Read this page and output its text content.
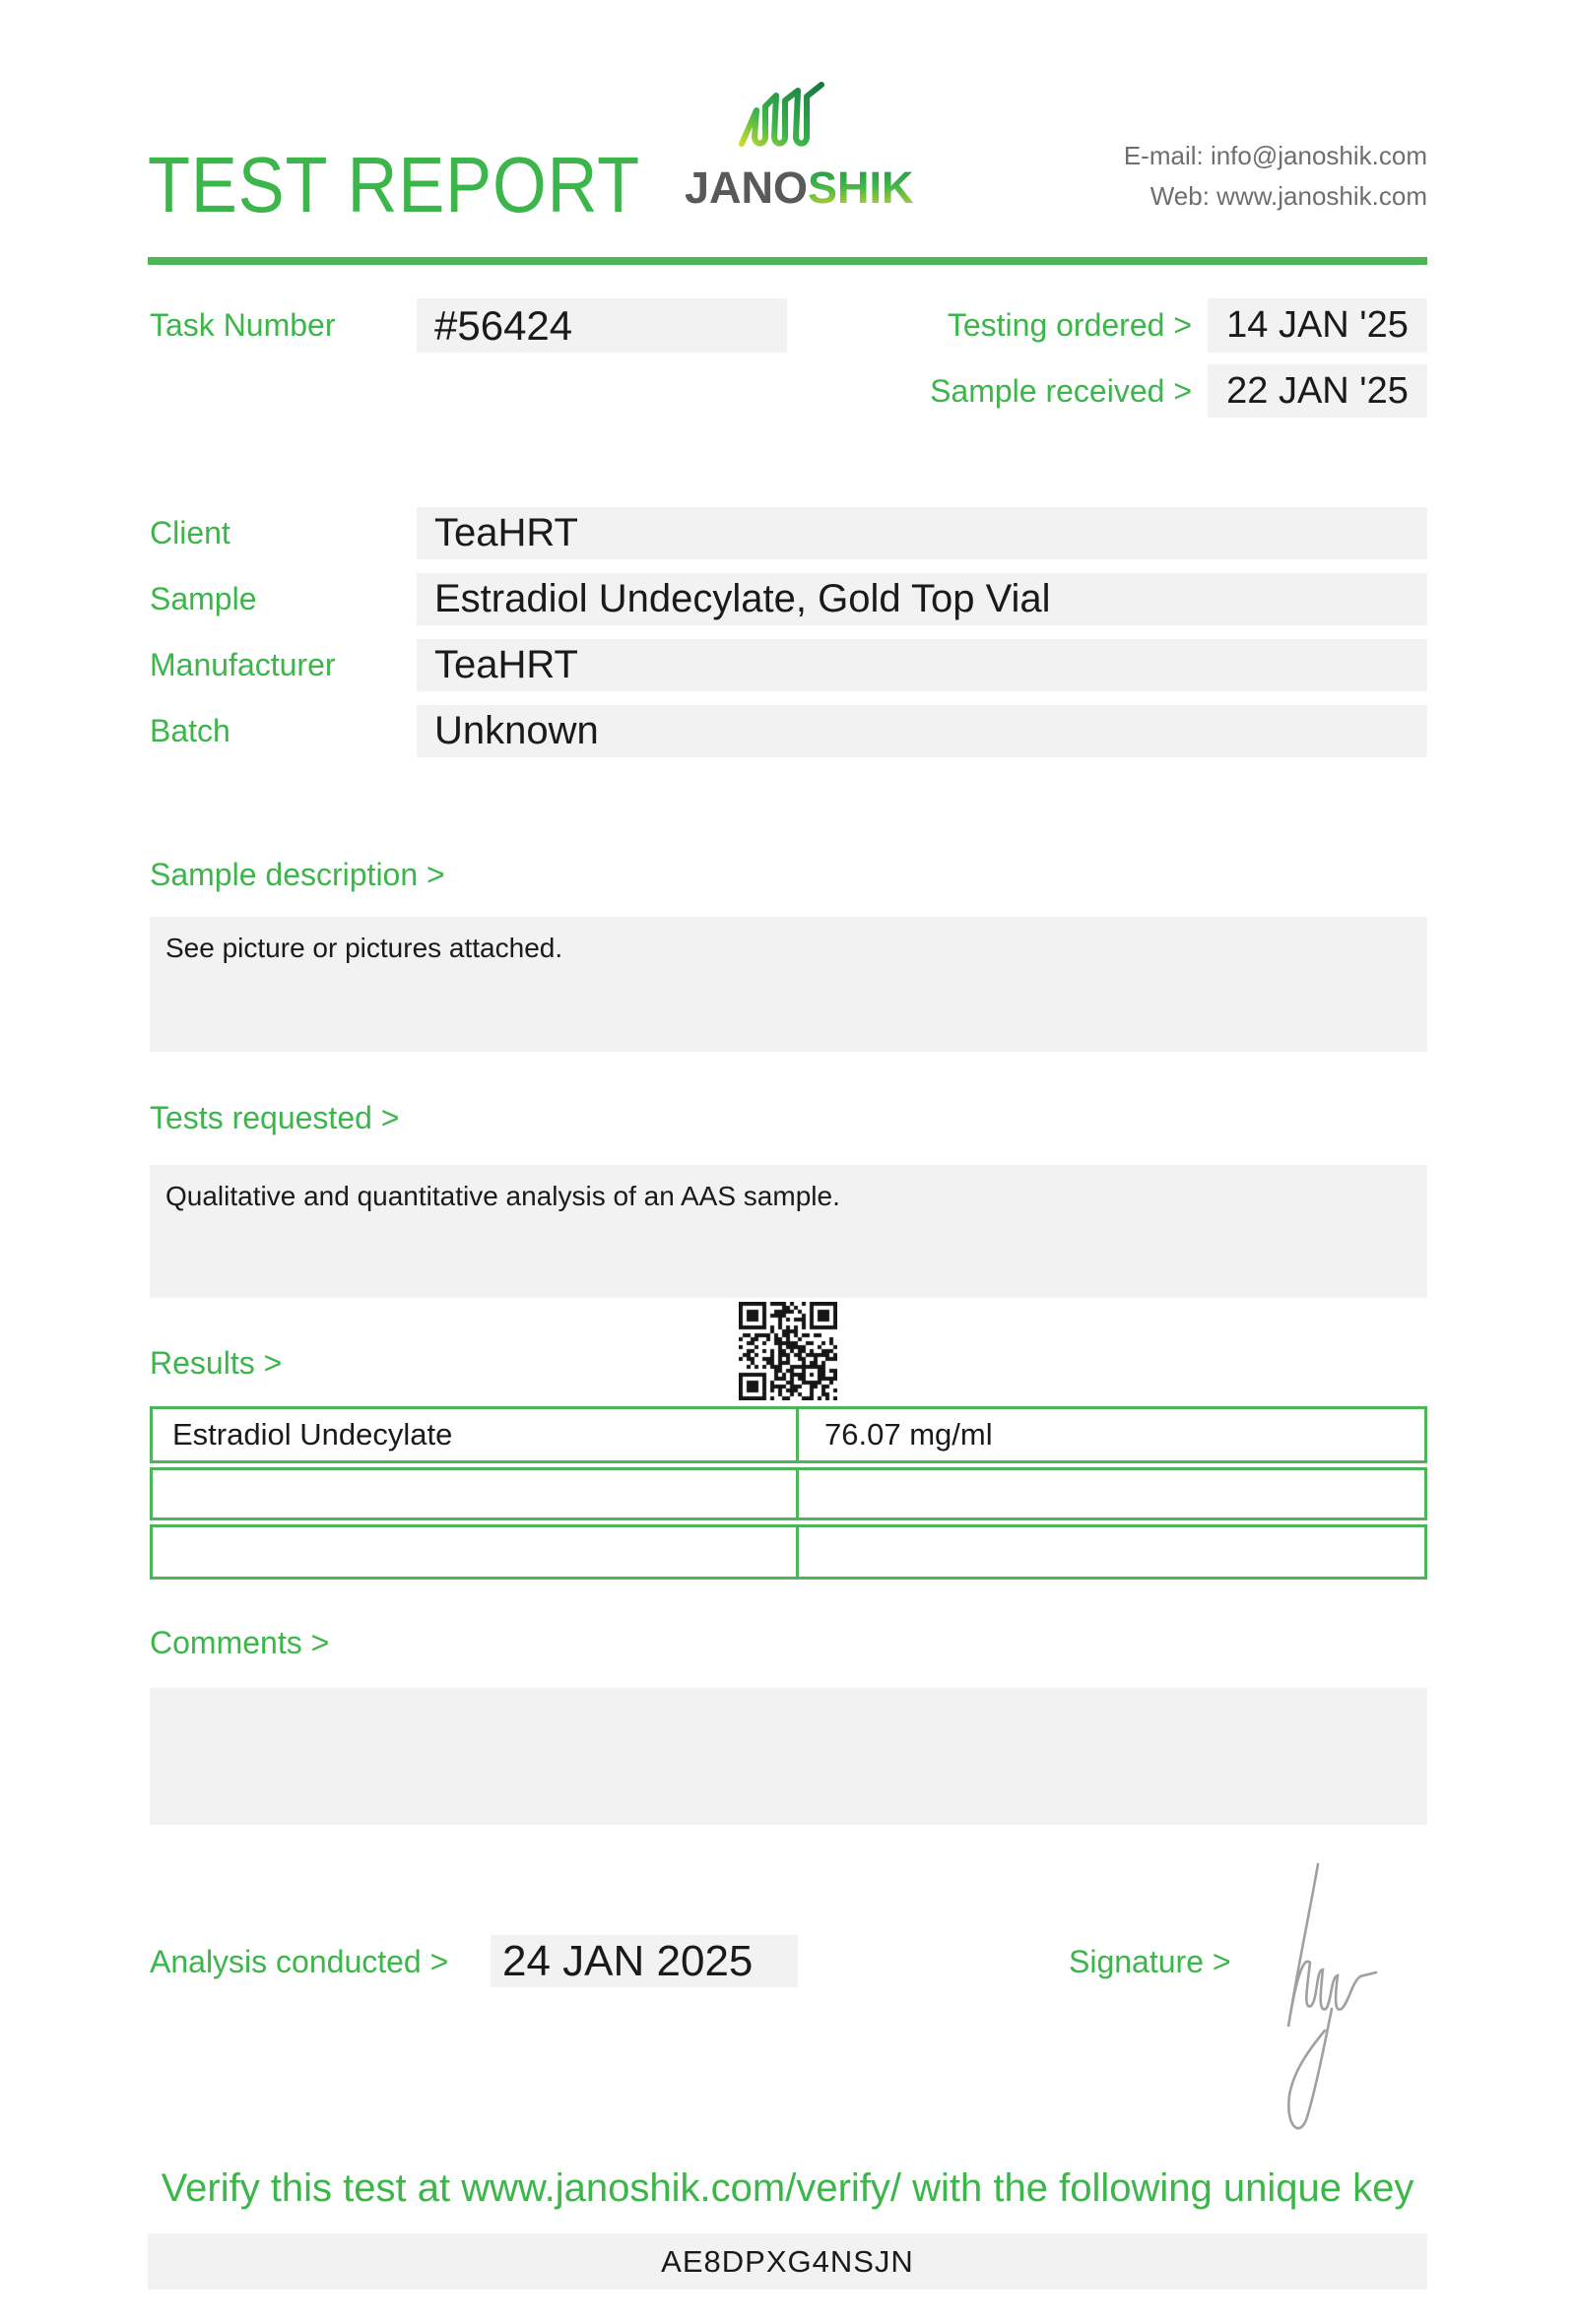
TEST REPORT JANOSHIK
E-mail: info@janoshik.com
Web: www.janoshik.com
Task Number	#56424	Testing ordered > 14 JAN '25
Sample received > 22 JAN '25
Client	TeaHRT
Sample	Estradiol Undecylate, Gold Top Vial
Manufacturer	TeaHRT
Batch	Unknown
Sample description >
See picture or pictures attached.
Tests requested >
Qualitative and quantitative analysis of an AAS sample.
Results >
Estradiol Undecylate	76.07 mg/ml
Comments >
Analysis conducted > 24 JAN 2025	Signature >
Verify this test at www.janoshik.com/verify/ with the following unique key
AE8DPXG4NSJN
